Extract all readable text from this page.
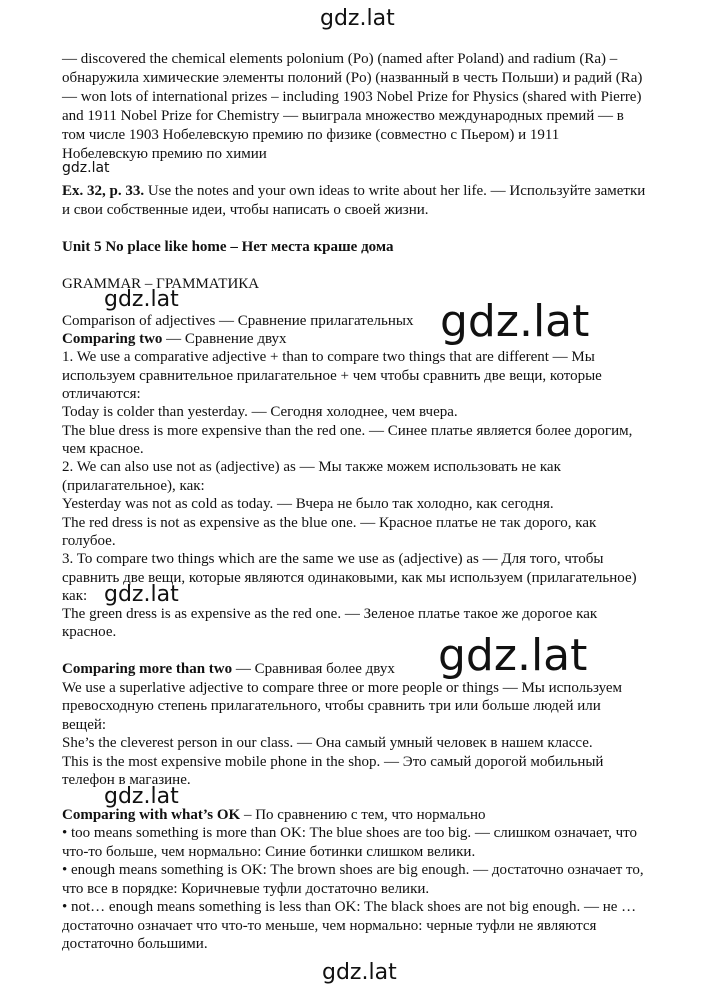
gdz.lat
gdz.lat
— discovered the chemical elements polonium (Po) (named after Poland) and radium (Ra) –
обнаружила химические элементы полоний (Po) (названный в честь Польши) и радий (Ra)
— won lots of international prizes – including 1903 Nobel Prize for Physics (shared with Pierre)
and 1911 Nobel Prize for Chemistry — выиграла множество международных премий — в
том числе 1903 Нобелевскую премию по физике (совместно с Пьером) и 1911
Нобелевскую премию по химии
Ex. 32, p. 33. Use the notes and your own ideas to write about her life. — Используйте заметки
и свои собственные идеи, чтобы написать о своей жизни.
Unit 5 No place like home – Нет места краше дома
GRAMMAR – ГРАММАТИКА
gdz.lat
Comparison of adjectives — Сравнение прилагательных gdz.lat
Comparing two — Сравнение двух
1. We use a comparative adjective + than to compare two things that are different — Мы
используем сравнительное прилагательное + чем чтобы сравнить две вещи, которые
отличаются:
Today is colder than yesterday. — Сегодня холоднее, чем вчера.
The blue dress is more expensive than the red one. — Синее платье является более дорогим,
чем красное.
2. We can also use not as (adjective) as — Мы также можем использовать не как
(прилагательное), как:
Yesterday was not as cold as today. — Вчера не было так холодно, как сегодня.
The red dress is not as expensive as the blue one. — Красное платье не так дорого, как
голубое.
3. To compare two things which are the same we use as (adjective) as — Для того, чтобы
сравнить две вещи, которые являются одинаковыми, как мы используем (прилагательное)
как: gdz.lat
The green dress is as expensive as the red one. — Зеленое платье такое же дорогое как
красное.	gdz.lat
Comparing more than two — Сравнивая более двух
We use a superlative adjective to compare three or more people or things — Мы используем
превосходную степень прилагательного, чтобы сравнить три или больше людей или
вещей:
She’s the cleverest person in our class. — Она самый умный человек в нашем классе.
This is the most expensive mobile phone in the shop. — Это самый дорогой мобильный
телефон в магазине.
gdz.lat
Comparing with what’s OK – По сравнению с тем, что нормально
• too means something is more than OK: The blue shoes are too big. — слишком означает, что
что-то больше, чем нормально: Синие ботинки слишком велики.
• enough means something is OK: The brown shoes are big enough. — достаточно означает то,
что все в порядке: Коричневые туфли достаточно велики.
• not… enough means something is less than OK: The black shoes are not big enough. — не …
достаточно означает что что-то меньше, чем нормально: черные туфли не являются
достаточно большими.
gdz.lat
